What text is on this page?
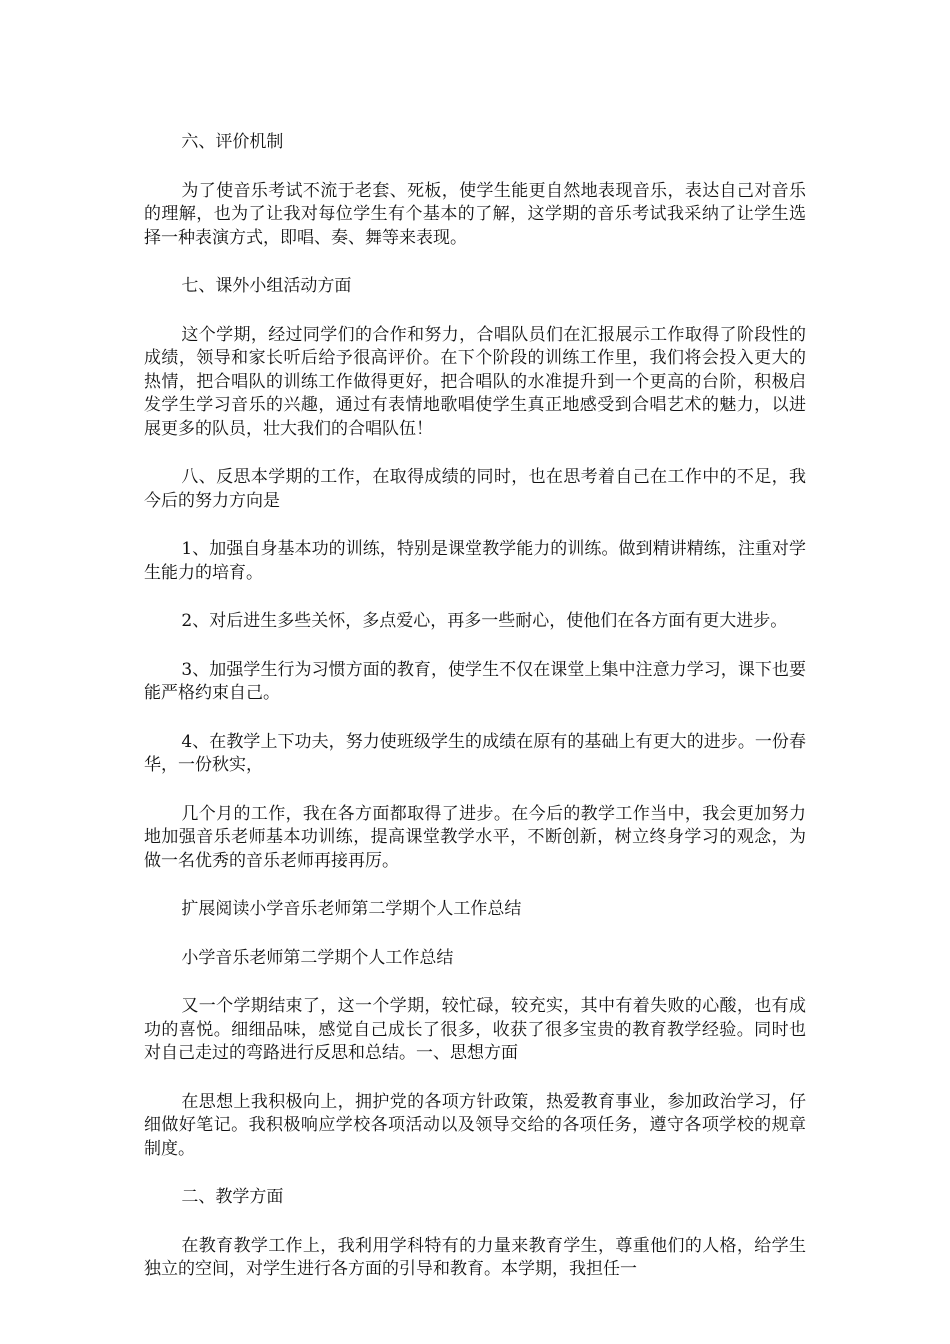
六、评价机制

为了使音乐考试不流于老套、死板，使学生能更自然地表现音乐，表达自己对音乐的理解，也为了让我对每位学生有个基本的了解，这学期的音乐考试我采纳了让学生选择一种表演方式，即唱、奏、舞等来表现。

七、课外小组活动方面

这个学期，经过同学们的合作和努力，合唱队员们在汇报展示工作取得了阶段性的成绩，领导和家长听后给予很高评价。在下个阶段的训练工作里，我们将会投入更大的热情，把合唱队的训练工作做得更好，把合唱队的水准提升到一个更高的台阶，积极启发学生学习音乐的兴趣，通过有表情地歌唱使学生真正地感受到合唱艺术的魅力，以进展更多的队员，壮大我们的合唱队伍！

八、反思本学期的工作，在取得成绩的同时，也在思考着自己在工作中的不足，我今后的努力方向是

1、加强自身基本功的训练，特别是课堂教学能力的训练。做到精讲精练，注重对学生能力的培育。

2、对后进生多些关怀，多点爱心，再多一些耐心，使他们在各方面有更大进步。

3、加强学生行为习惯方面的教育，使学生不仅在课堂上集中注意力学习，课下也要能严格约束自己。

4、在教学上下功夫，努力使班级学生的成绩在原有的基础上有更大的进步。一份春华，一份秋实，

几个月的工作，我在各方面都取得了进步。在今后的教学工作当中，我会更加努力地加强音乐老师基本功训练，提高课堂教学水平，不断创新，树立终身学习的观念，为做一名优秀的音乐老师再接再厉。

扩展阅读小学音乐老师第二学期个人工作总结

小学音乐老师第二学期个人工作总结

又一个学期结束了，这一个学期，较忙碌，较充实，其中有着失败的心酸，也有成功的喜悦。细细品味，感觉自己成长了很多，收获了很多宝贵的教育教学经验。同时也对自己走过的弯路进行反思和总结。一、思想方面

在思想上我积极向上，拥护党的各项方针政策，热爱教育事业，参加政治学习，仔细做好笔记。我积极响应学校各项活动以及领导交给的各项任务，遵守各项学校的规章制度。

二、教学方面

在教育教学工作上，我利用学科特有的力量来教育学生，尊重他们的人格，给学生独立的空间，对学生进行各方面的引导和教育。本学期，我担任一
